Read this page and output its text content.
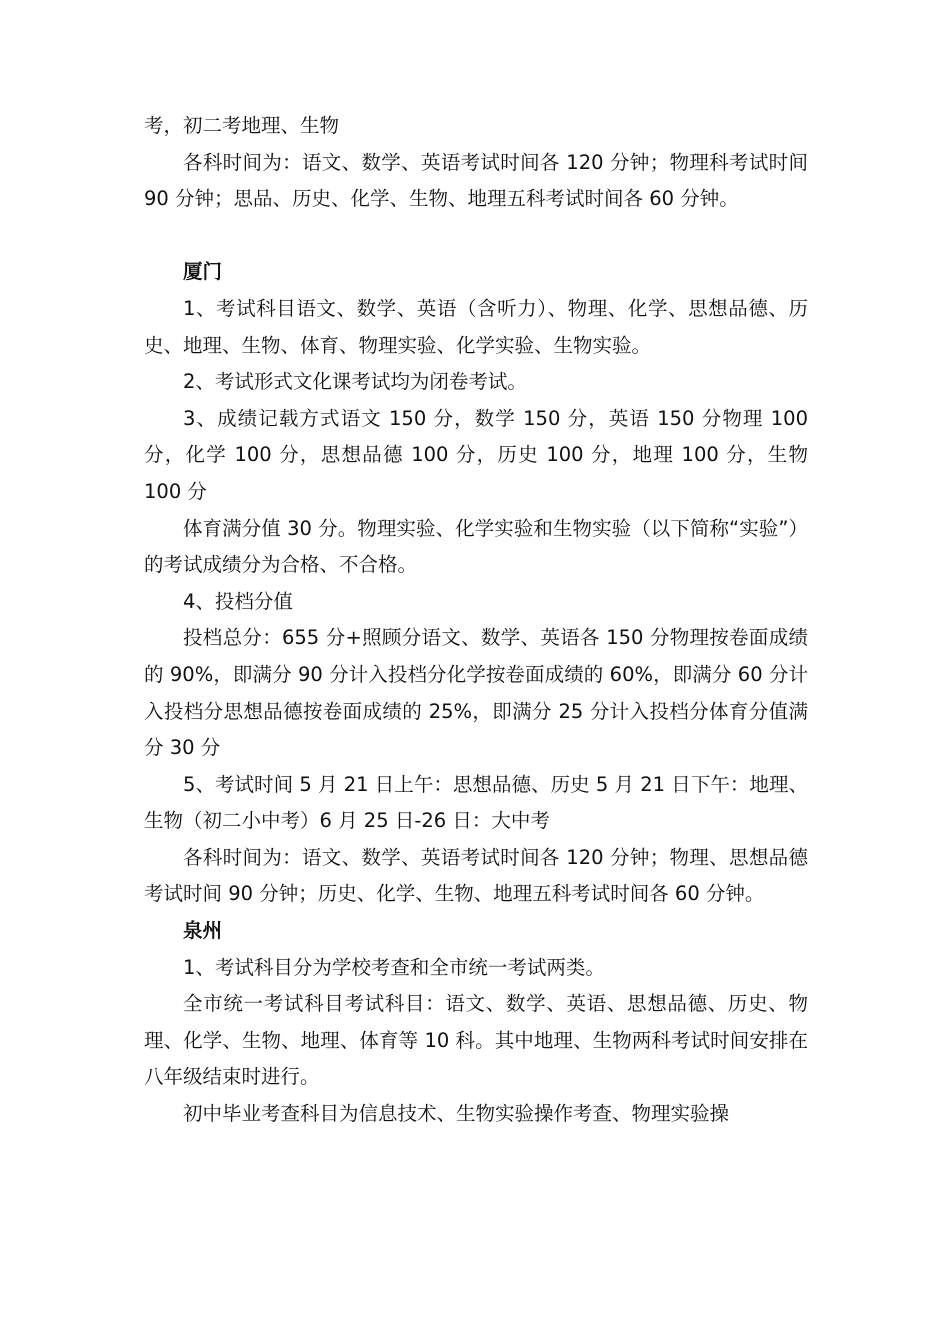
考，初二考地理、生物

各科时间为：语文、数学、英语考试时间各 120 分钟；物理科考试时间 90 分钟；思品、历史、化学、生物、地理五科考试时间各 60 分钟。

厦门

1、考试科目语文、数学、英语（含听力）、物理、化学、思想品德、历史、地理、生物、体育、物理实验、化学实验、生物实验。

2、考试形式文化课考试均为闭卷考试。

3、成绩记载方式语文 150 分，数学 150 分，英语 150 分物理 100 分，化学 100 分，思想品德 100 分，历史 100 分，地理 100 分，生物 100 分

体育满分值 30 分。物理实验、化学实验和生物实验（以下简称“实验”）的考试成绩分为合格、不合格。

4、投档分值

投档总分：655 分+照顾分语文、数学、英语各 150 分物理按卷面成绩的 90%，即满分 90 分计入投档分化学按卷面成绩的 60%，即满分 60 分计入投档分思想品德按卷面成绩的 25%，即满分 25 分计入投档分体育分值满分 30 分

5、考试时间 5 月 21 日上午：思想品德、历史 5 月 21 日下午：地理、生物（初二小中考）6 月 25 日-26 日：大中考

各科时间为：语文、数学、英语考试时间各 120 分钟；物理、思想品德考试时间 90 分钟；历史、化学、生物、地理五科考试时间各 60 分钟。

泉州

1、考试科目分为学校考查和全市统一考试两类。

全市统一考试科目考试科目：语文、数学、英语、思想品德、历史、物理、化学、生物、地理、体育等 10 科。其中地理、生物两科考试时间安排在八年级结束时进行。

初中毕业考查科目为信息技术、生物实验操作考查、物理实验操
